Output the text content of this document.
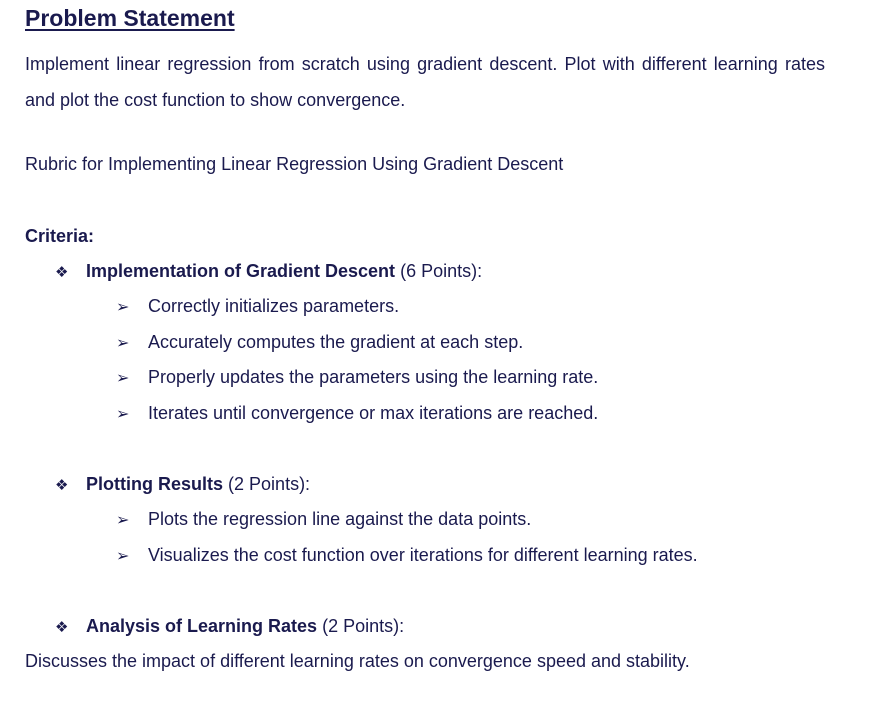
Problem Statement
Implement linear regression from scratch using gradient descent. Plot with different learning rates and plot the cost function to show convergence.
Rubric for Implementing Linear Regression Using Gradient Descent
Criteria:
❖ Implementation of Gradient Descent (6 Points):
➢ Correctly initializes parameters.
➢ Accurately computes the gradient at each step.
➢ Properly updates the parameters using the learning rate.
➢ Iterates until convergence or max iterations are reached.
❖ Plotting Results (2 Points):
➢ Plots the regression line against the data points.
➢ Visualizes the cost function over iterations for different learning rates.
❖ Analysis of Learning Rates (2 Points):
Discusses the impact of different learning rates on convergence speed and stability.
